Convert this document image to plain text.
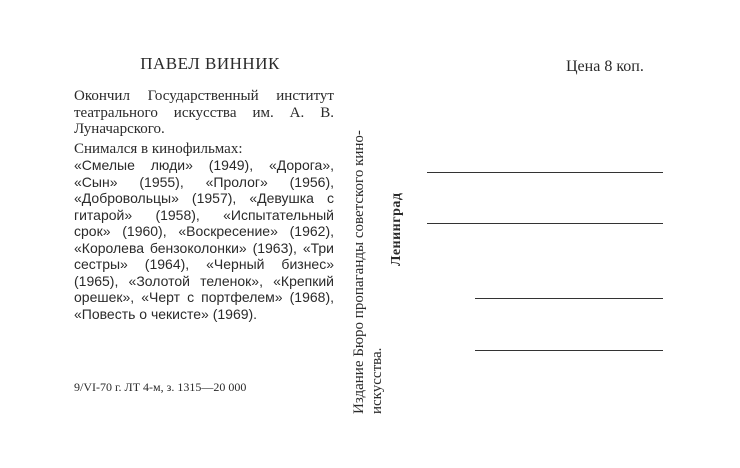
ПАВЕЛ ВИННИК
Окончил Государственный институт театрального искусства им. А. В. Луначарского.
Снимался в кинофильмах:
«Смелые люди» (1949), «Дорога», «Сын» (1955), «Пролог» (1956), «Добровольцы» (1957), «Девушка с гитарой» (1958), «Испытательный срок» (1960), «Воскресение» (1962), «Королева бензоколонки» (1963), «Три сестры» (1964), «Черный бизнес» (1965), «Золотой теленок», «Крепкий орешек», «Черт с портфелем» (1968), «Повесть о чекисте» (1969).
9/VI-70 г. ЛТ 4-м, з. 1315—20 000	Издание Бюро пропаганды советского кино- искусства.
Ленинград
Цена 8 коп.
